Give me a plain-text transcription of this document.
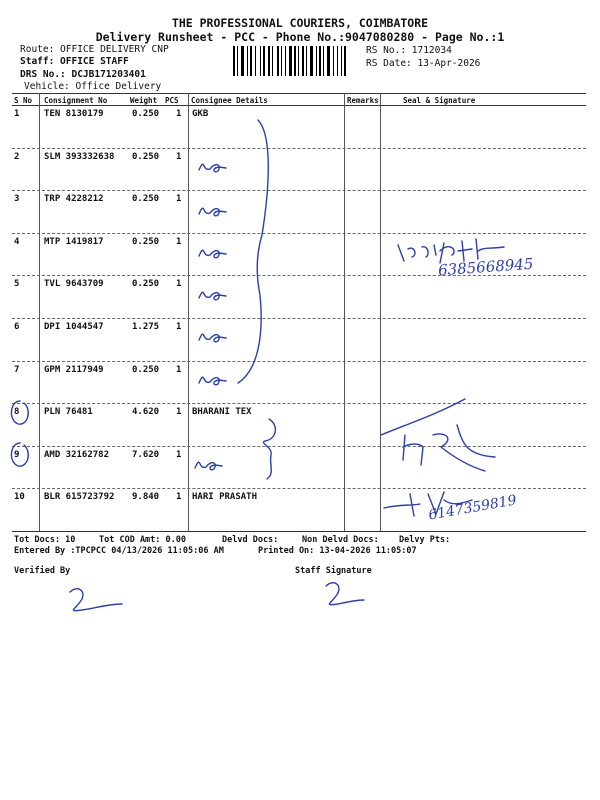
THE PROFESSIONAL COURIERS, COIMBATORE
Delivery Runsheet - PCC - Phone No.:9047080280 - Page No.:1
Route: OFFICE DELIVERY CNP
Staff: OFFICE STAFF
DRS No.: DCJB171203401
Vehicle: Office Delivery
RS No.: 1712034
RS Date: 13-Apr-2026
S No Consignment No	Weight PCS Consignee Details	Remarks	Seal & Signature
1	TEN 8130179	0.250 1 GKB
2	SLM 393332638 0.250 1
3	TRP 4228212	0.250 1
4	MTP 1419817	0.250 1
5	TVL 9643709	0.250 1
6	DPI 1044547	1.275 1
7	GPM 2117949	0.250 1
8	PLN 76481	4.620 1 BHARANI TEX
9	AMD 32162782	7.620 1
10 BLR 615723792 9.840 1 HARI PRASATH
Tot Docs: 10	Tot COD Amt: 0.00	Delvd Docs:	Non Delvd Docs: Delvy Pts:
Entered By :TPCPCC 04/13/2026 11:05:06 AM	Printed On: 13-04-2026 11:05:07
Verified By	Staff Signature
6385668945
6147359819
